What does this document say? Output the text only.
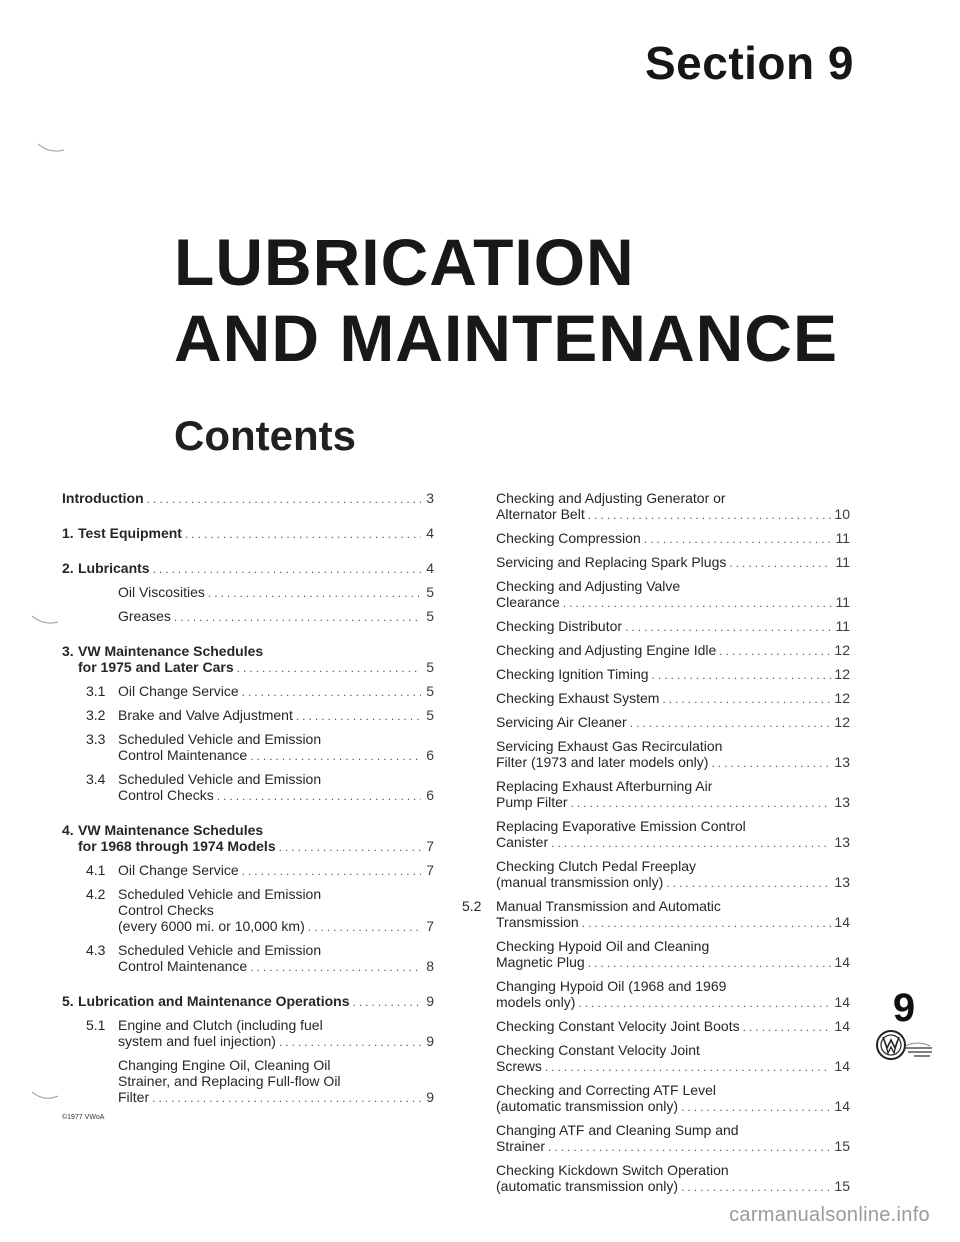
Section 9
LUBRICATION
AND MAINTENANCE
Contents
Introduction .....	3
1. Test Equipment .....	4
2. Lubricants .....	4
Oil Viscosities .....	5
Greases .....	5
3. VW Maintenance Schedules
for 1975 and Later Cars .....	5
3.1 Oil Change Service .....	5
3.2 Brake and Valve Adjustment .....	5
3.3 Scheduled Vehicle and Emission
Control Maintenance .....	6
3.4 Scheduled Vehicle and Emission
Control Checks .....	6
4. VW Maintenance Schedules
for 1968 through 1974 Models .....	7
4.1 Oil Change Service .....	7
4.2 Scheduled Vehicle and Emission
Control Checks
(every 6000 mi. or 10,000 km) .....	7
4.3 Scheduled Vehicle and Emission
Control Maintenance .....	8
5. Lubrication and Maintenance Operations .....	9
5.1 Engine and Clutch (including fuel
system and fuel injection) .....	9
Changing Engine Oil, Cleaning Oil
Strainer, and Replacing Full-flow Oil
Filter .....	9
Checking and Adjusting Generator or
Alternator Belt .....	10
Checking Compression .....	11
Servicing and Replacing Spark Plugs .....	11
Checking and Adjusting Valve
Clearance .....	11
Checking Distributor .....	11
Checking and Adjusting Engine Idle .....	12
Checking Ignition Timing .....	12
Checking Exhaust System .....	12
Servicing Air Cleaner .....	12
Servicing Exhaust Gas Recirculation
Filter (1973 and later models only) .....	13
Replacing Exhaust Afterburning Air
Pump Filter .....	13
Replacing Evaporative Emission Control
Canister .....	13
Checking Clutch Pedal Freeplay
(manual transmission only) .....	13
5.2 Manual Transmission and Automatic
Transmission .....	14
Checking Hypoid Oil and Cleaning
Magnetic Plug .....	14
Changing Hypoid Oil (1968 and 1969
models only) .....	14
Checking Constant Velocity Joint Boots .....	14
Checking Constant Velocity Joint
Screws .....	14
Checking and Correcting ATF Level
(automatic transmission only) .....	14
Changing ATF and Cleaning Sump and
Strainer .....	15
Checking Kickdown Switch Operation
(automatic transmission only) .....	15
9
©1977 VWoA
carmanualsonline.info
